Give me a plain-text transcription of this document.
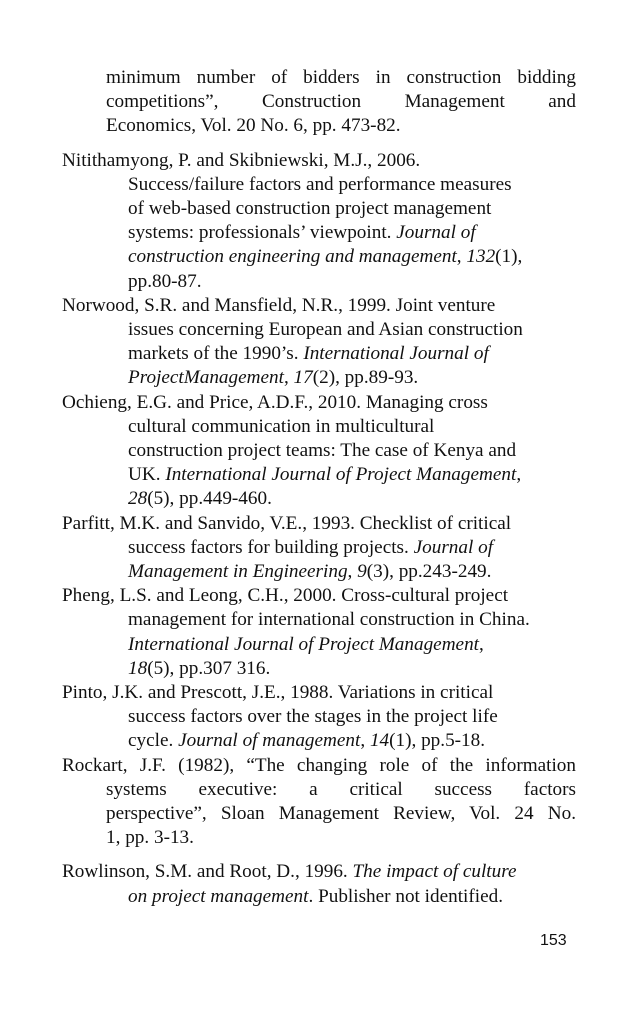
minimum number of bidders in construction bidding
competitions”, Construction Management and
Economics, Vol. 20 No. 6, pp. 473-82.
Nitithamyong, P. and Skibniewski, M.J., 2006.
Success/failure factors and performance measures
of web-based construction project management
systems: professionals’ viewpoint. Journal of
construction engineering and management, 132(1),
pp.80-87.
Norwood, S.R. and Mansfield, N.R., 1999. Joint venture
issues concerning European and Asian construction
markets of the 1990’s. International Journal of
ProjectManagement, 17(2), pp.89-93.
Ochieng, E.G. and Price, A.D.F., 2010. Managing cross
cultural communication in multicultural
construction project teams: The case of Kenya and
UK. International Journal of Project Management,
28(5), pp.449-460.
Parfitt, M.K. and Sanvido, V.E., 1993. Checklist of critical
success factors for building projects. Journal of
Management in Engineering, 9(3), pp.243-249.
Pheng, L.S. and Leong, C.H., 2000. Cross-cultural project
management for international construction in China.
International Journal of Project Management,
18(5), pp.307 316.
Pinto, J.K. and Prescott, J.E., 1988. Variations in critical
success factors over the stages in the project life
cycle. Journal of management, 14(1), pp.5-18.
Rockart, J.F. (1982), “The changing role of the information
systems executive: a critical success factors
perspective”, Sloan Management Review, Vol. 24 No.
1, pp. 3-13.
Rowlinson, S.M. and Root, D., 1996. The impact of culture
on project management. Publisher not identified.
153
